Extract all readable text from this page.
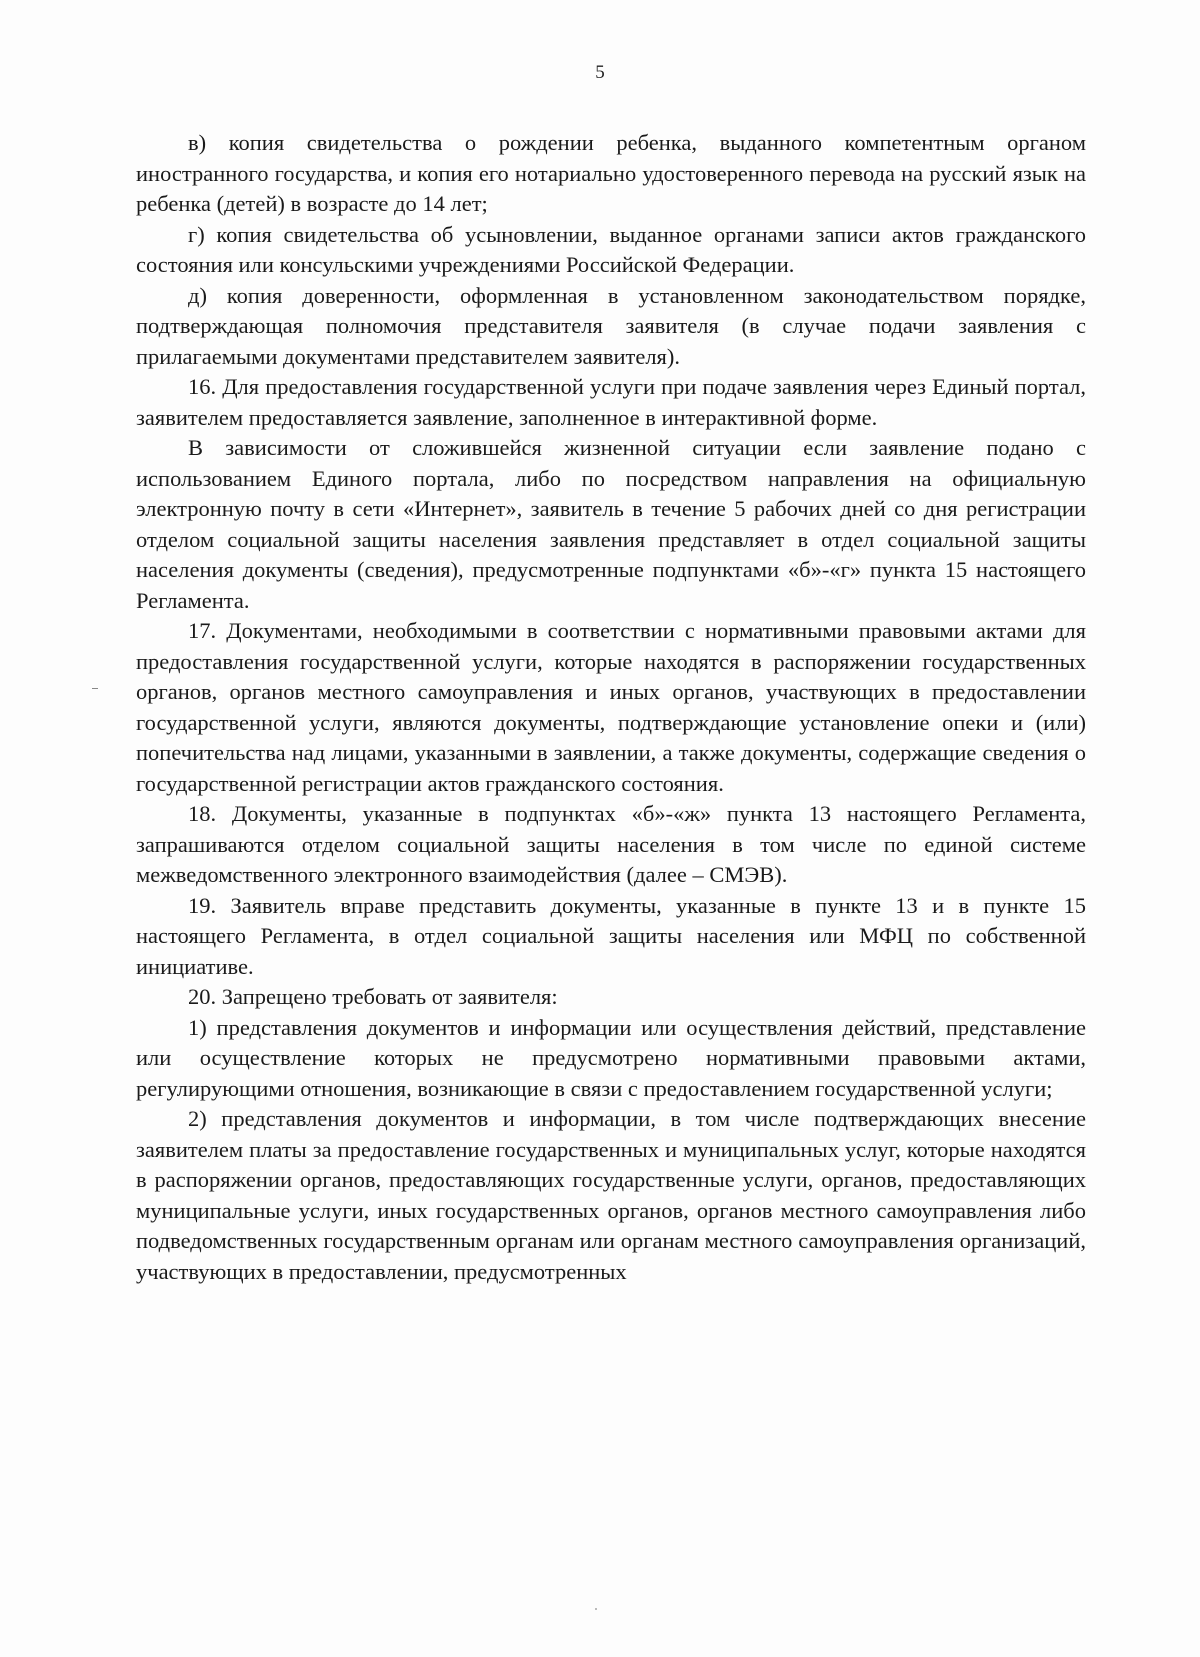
5

в) копия свидетельства о рождении ребенка, выданного компетентным органом иностранного государства, и копия его нотариально удостоверенного перевода на русский язык на ребенка (детей) в возрасте до 14 лет;

г) копия свидетельства об усыновлении, выданное органами записи актов гражданского состояния или консульскими учреждениями Российской Федерации.

д) копия доверенности, оформленная в установленном законодательством порядке, подтверждающая полномочия представителя заявителя (в случае подачи заявления с прилагаемыми документами представителем заявителя).

16. Для предоставления государственной услуги при подаче заявления через Единый портал, заявителем предоставляется заявление, заполненное в интерактивной форме.

В зависимости от сложившейся жизненной ситуации если заявление подано с использованием Единого портала, либо по посредством направления на официальную электронную почту в сети «Интернет», заявитель в течение 5 рабочих дней со дня регистрации отделом социальной защиты населения заявления представляет в отдел социальной защиты населения документы (сведения), предусмотренные подпунктами «б»-«г» пункта 15 настоящего Регламента.

17. Документами, необходимыми в соответствии с нормативными правовыми актами для предоставления государственной услуги, которые находятся в распоряжении государственных органов, органов местного самоуправления и иных органов, участвующих в предоставлении государственной услуги, являются документы, подтверждающие установление опеки и (или) попечительства над лицами, указанными в заявлении, а также документы, содержащие сведения о государственной регистрации актов гражданского состояния.

18. Документы, указанные в подпунктах «б»-«ж» пункта 13 настоящего Регламента, запрашиваются отделом социальной защиты населения в том числе по единой системе межведомственного электронного взаимодействия (далее – СМЭВ).

19. Заявитель вправе представить документы, указанные в пункте 13 и в пункте 15 настоящего Регламента, в отдел социальной защиты населения или МФЦ по собственной инициативе.

20. Запрещено требовать от заявителя:

1) представления документов и информации или осуществления действий, представление или осуществление которых не предусмотрено нормативными правовыми актами, регулирующими отношения, возникающие в связи с предоставлением государственной услуги;

2) представления документов и информации, в том числе подтверждающих внесение заявителем платы за предоставление государственных и муниципальных услуг, которые находятся в распоряжении органов, предоставляющих государственные услуги, органов, предоставляющих муниципальные услуги, иных государственных органов, органов местного самоуправления либо подведомственных государственным органам или органам местного самоуправления организаций, участвующих в предоставлении, предусмотренных
